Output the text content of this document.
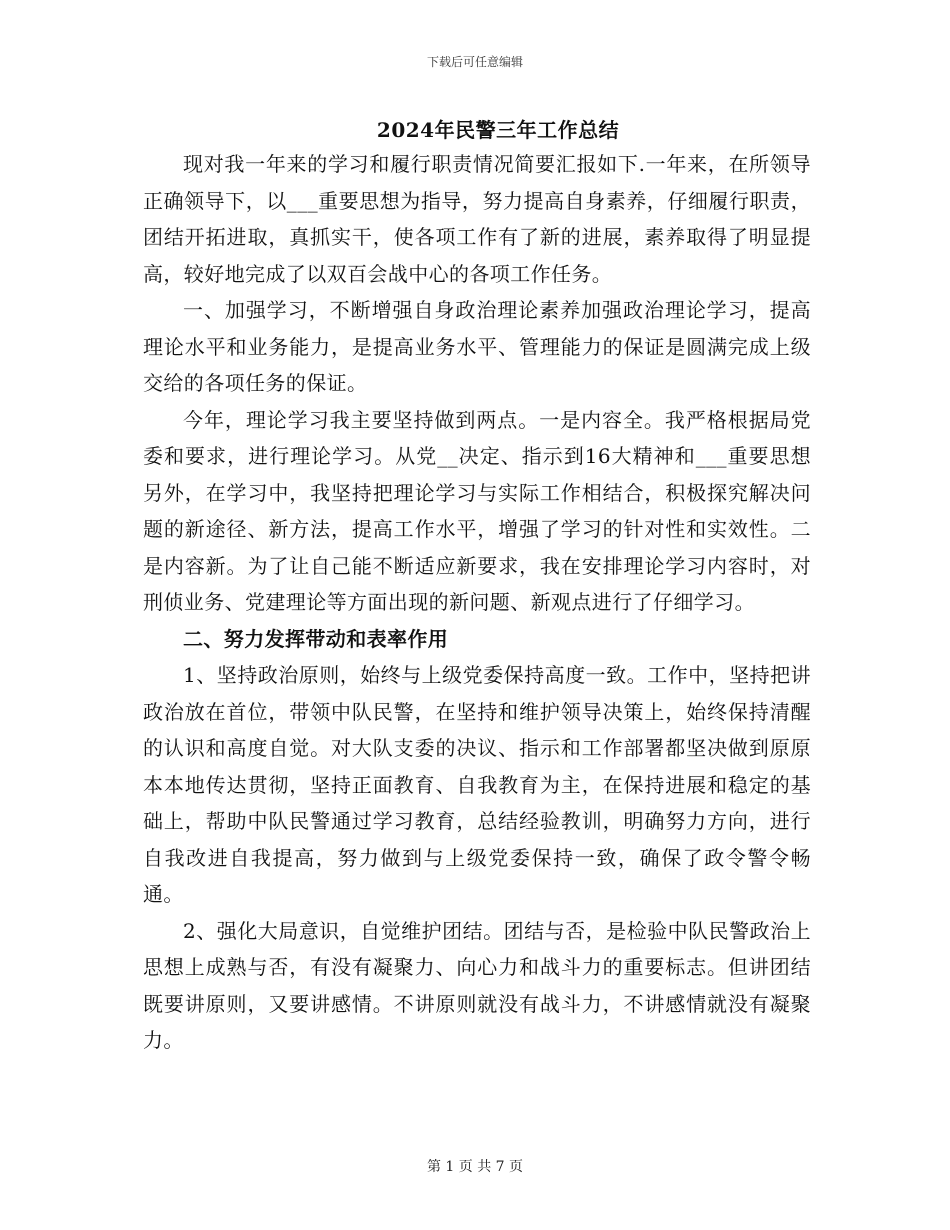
下载后可任意编辑
2024年民警三年工作总结

现对我一年来的学习和履行职责情况简要汇报如下.一年来，在所领导正确领导下，以___重要思想为指导，努力提高自身素养，仔细履行职责，团结开拓进取，真抓实干，使各项工作有了新的进展，素养取得了明显提高，较好地完成了以双百会战中心的各项工作任务。

一、加强学习，不断增强自身政治理论素养加强政治理论学习，提高理论水平和业务能力，是提高业务水平、管理能力的保证是圆满完成上级交给的各项任务的保证。

今年，理论学习我主要坚持做到两点。一是内容全。我严格根据局党委和要求，进行理论学习。从党__决定、指示到16大精神和___重要思想另外，在学习中，我坚持把理论学习与实际工作相结合，积极探究解决问题的新途径、新方法，提高工作水平，增强了学习的针对性和实效性。二是内容新。为了让自己能不断适应新要求，我在安排理论学习内容时，对刑侦业务、党建理论等方面出现的新问题、新观点进行了仔细学习。

二、努力发挥带动和表率作用

1、坚持政治原则，始终与上级党委保持高度一致。工作中，坚持把讲政治放在首位，带领中队民警，在坚持和维护领导决策上，始终保持清醒的认识和高度自觉。对大队支委的决议、指示和工作部署都坚决做到原原本本地传达贯彻，坚持正面教育、自我教育为主，在保持进展和稳定的基础上，帮助中队民警通过学习教育，总结经验教训，明确努力方向，进行自我改进自我提高，努力做到与上级党委保持一致，确保了政令警令畅通。

2、强化大局意识，自觉维护团结。团结与否，是检验中队民警政治上思想上成熟与否，有没有凝聚力、向心力和战斗力的重要标志。但讲团结既要讲原则，又要讲感情。不讲原则就没有战斗力，不讲感情就没有凝聚力。

第 1 页 共 7 页
